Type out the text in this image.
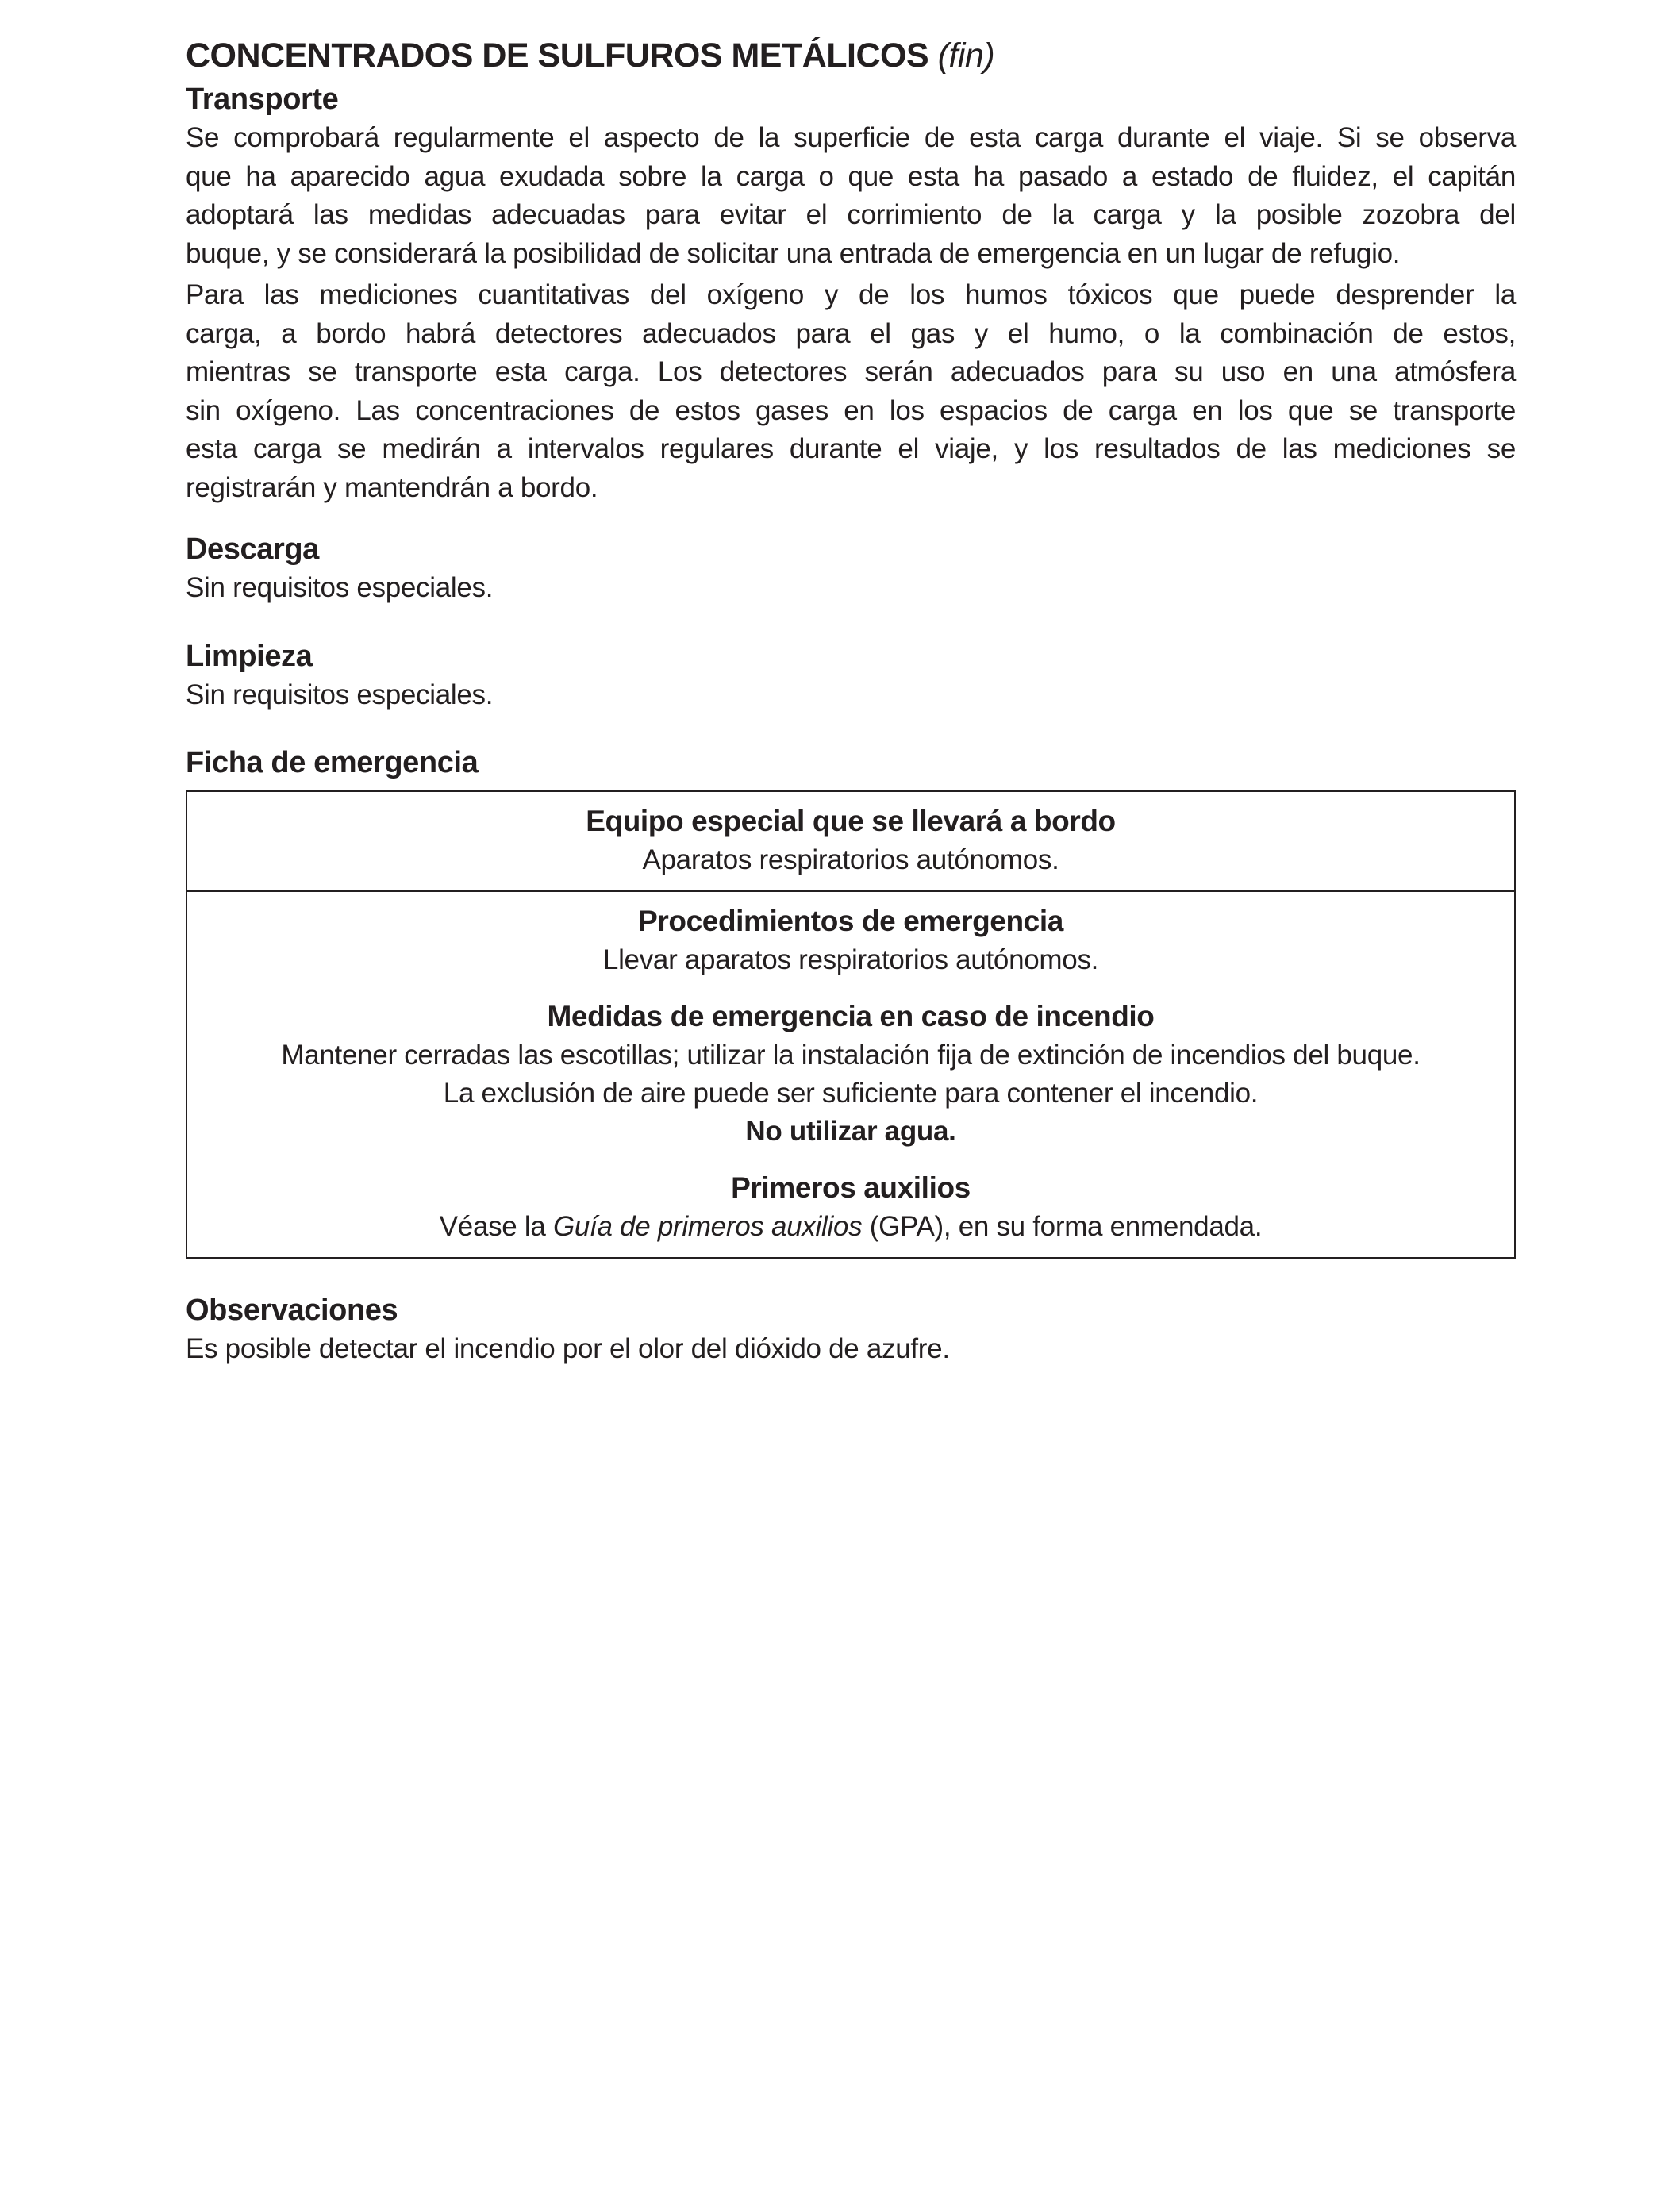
CONCENTRADOS DE SULFUROS METÁLICOS (fin)
Transporte
Se comprobará regularmente el aspecto de la superficie de esta carga durante el viaje. Si se observa
que ha aparecido agua exudada sobre la carga o que esta ha pasado a estado de fluidez, el capitán
adoptará las medidas adecuadas para evitar el corrimiento de la carga y la posible zozobra del
buque, y se considerará la posibilidad de solicitar una entrada de emergencia en un lugar de refugio.
Para las mediciones cuantitativas del oxígeno y de los humos tóxicos que puede desprender la
carga, a bordo habrá detectores adecuados para el gas y el humo, o la combinación de estos,
mientras se transporte esta carga. Los detectores serán adecuados para su uso en una atmósfera
sin oxígeno. Las concentraciones de estos gases en los espacios de carga en los que se transporte
esta carga se medirán a intervalos regulares durante el viaje, y los resultados de las mediciones se
registrarán y mantendrán a bordo.
Descarga
Sin requisitos especiales.
Limpieza
Sin requisitos especiales.
Ficha de emergencia
Equipo especial que se llevará a bordo
Aparatos respiratorios autónomos.
Procedimientos de emergencia
Llevar aparatos respiratorios autónomos.
Medidas de emergencia en caso de incendio
Mantener cerradas las escotillas; utilizar la instalación fija de extinción de incendios del buque.
La exclusión de aire puede ser suficiente para contener el incendio.
No utilizar agua.
Primeros auxilios
Véase la Guía de primeros auxilios (GPA), en su forma enmendada.
Observaciones
Es posible detectar el incendio por el olor del dióxido de azufre.
